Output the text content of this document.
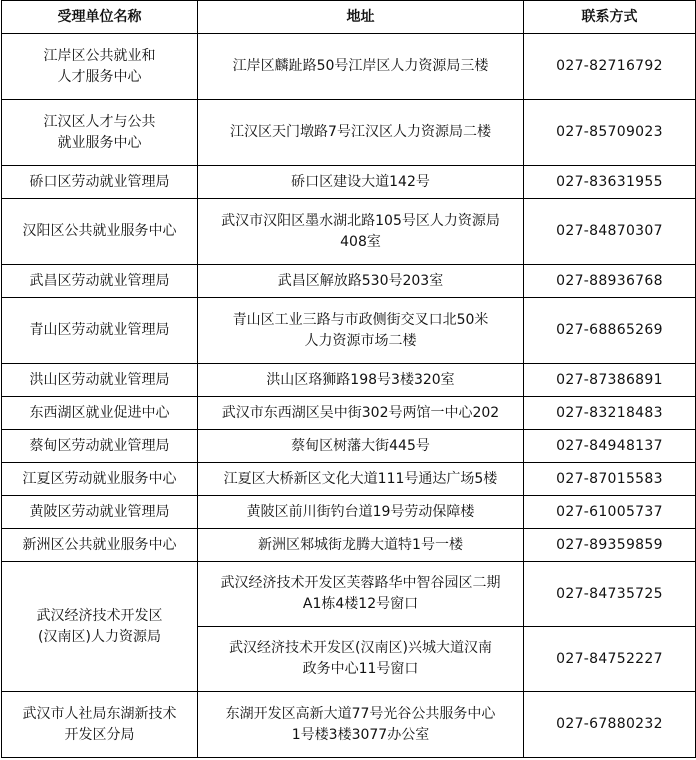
受理单位名称	地址	联系方式

江岸区公共就业和
人才服务中心	江岸区麟趾路50号江岸区人力资源局三楼	027-82716792

江汉区人才与公共
就业服务中心	江汉区天门墩路7号江汉区人力资源局二楼	027-85709023

硚口区劳动就业管理局	硚口区建设大道142号	027-83631955

汉阳区公共就业服务中心	武汉市汉阳区墨水湖北路105号区人力资源局
408室	027-84870307

武昌区劳动就业管理局	武昌区解放路530号203室	027-88936768

青山区劳动就业管理局	青山区工业三路与市政侧街交叉口北50米
人力资源市场二楼	027-68865269

洪山区劳动就业管理局	洪山区珞狮路198号3楼320室	027-87386891

东西湖区就业促进中心	武汉市东西湖区吴中街302号两馆一中心202	027-83218483

蔡甸区劳动就业管理局	蔡甸区树藩大街445号	027-84948137

江夏区劳动就业服务中心	江夏区大桥新区文化大道111号通达广场5楼	027-87015583

黄陂区劳动就业管理局	黄陂区前川街钓台道19号劳动保障楼	027-61005737

新洲区公共就业服务中心	新洲区邾城街龙腾大道特1号一楼	027-89359859

武汉经济技术开发区
(汉南区)人力资源局	武汉经济技术开发区芙蓉路华中智谷园区二期
A1栋4楼12号窗口	027-84735725

	武汉经济技术开发区(汉南区)兴城大道汉南
政务中心11号窗口	027-84752227

武汉市人社局东湖新技术
开发区分局	东湖开发区高新大道77号光谷公共服务中心
1号楼3楼3077办公室	027-67880232
